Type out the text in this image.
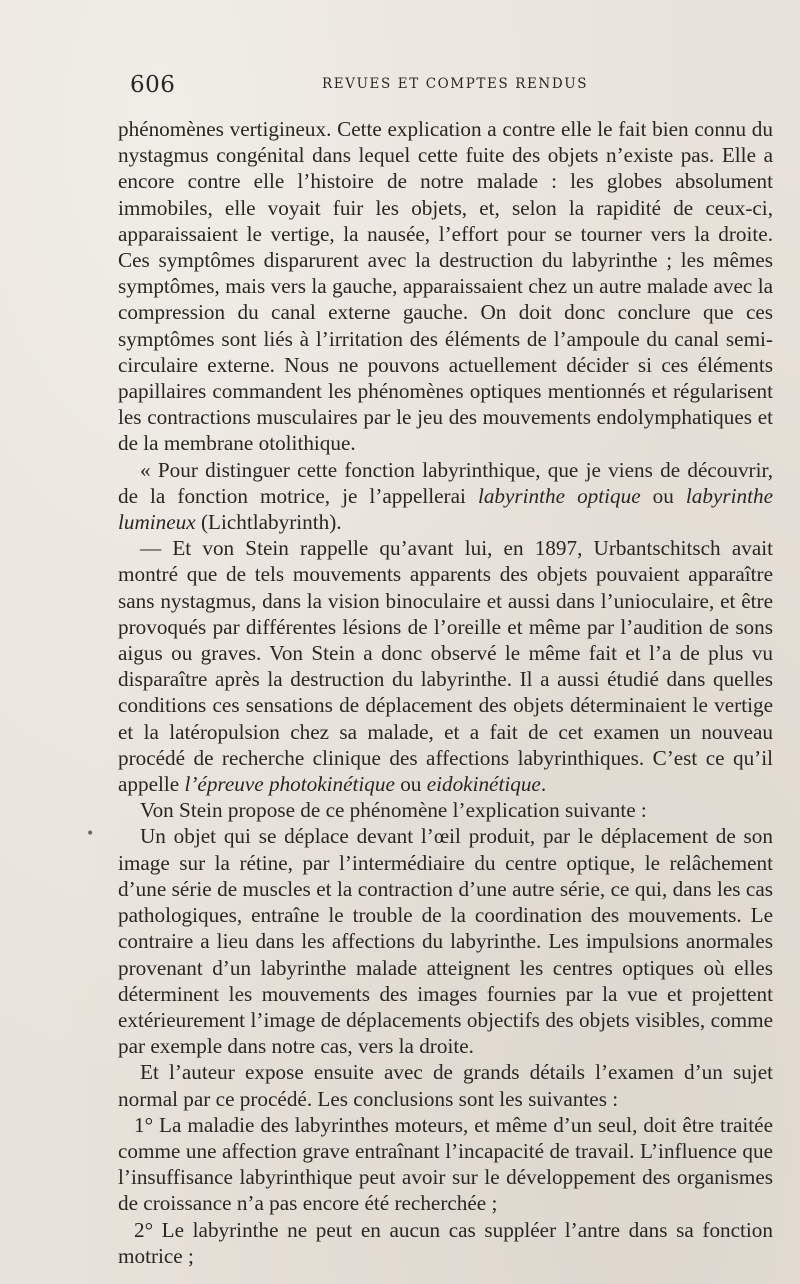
606	REVUES ET COMPTES RENDUS

phénomènes vertigineux. Cette explication a contre elle le fait bien connu du nystagmus congénital dans lequel cette fuite des objets n’existe pas. Elle a encore contre elle l’histoire de notre malade : les globes absolument immobiles, elle voyait fuir les objets, et, selon la rapidité de ceux-ci, apparaissaient le vertige, la nausée, l’effort pour se tourner vers la droite. Ces symptômes disparurent avec la destruction du labyrinthe ; les mêmes symptômes, mais vers la gauche, apparaissaient chez un autre malade avec la compression du canal externe gauche. On doit donc conclure que ces symptômes sont liés à l’irritation des éléments de l’ampoule du canal semi-circulaire externe. Nous ne pouvons actuellement décider si ces éléments papillaires commandent les phénomènes optiques mentionnés et régularisent les contractions musculaires par le jeu des mouvements endolymphatiques et de la membrane otolithique.

« Pour distinguer cette fonction labyrinthique, que je viens de découvrir, de la fonction motrice, je l’appellerai labyrinthe optique ou labyrinthe lumineux (Lichtlabyrinth).

— Et von Stein rappelle qu’avant lui, en 1897, Urbantschitsch avait montré que de tels mouvements apparents des objets pouvaient apparaître sans nystagmus, dans la vision binoculaire et aussi dans l’unioculaire, et être provoqués par différentes lésions de l’oreille et même par l’audition de sons aigus ou graves. Von Stein a donc observé le même fait et l’a de plus vu disparaître après la destruction du labyrinthe. Il a aussi étudié dans quelles conditions ces sensations de déplacement des objets déterminaient le vertige et la latéropulsion chez sa malade, et a fait de cet examen un nouveau procédé de recherche clinique des affections labyrinthiques. C’est ce qu’il appelle l’épreuve photokinétique ou eidokinétique.

Von Stein propose de ce phénomène l’explication suivante :

Un objet qui se déplace devant l’œil produit, par le déplacement de son image sur la rétine, par l’intermédiaire du centre optique, le relâchement d’une série de muscles et la contraction d’une autre série, ce qui, dans les cas pathologiques, entraîne le trouble de la coordination des mouvements. Le contraire a lieu dans les affections du labyrinthe. Les impulsions anormales provenant d’un labyrinthe malade atteignent les centres optiques où elles déterminent les mouvements des images fournies par la vue et projettent extérieurement l’image de déplacements objectifs des objets visibles, comme par exemple dans notre cas, vers la droite.

Et l’auteur expose ensuite avec de grands détails l’examen d’un sujet normal par ce procédé. Les conclusions sont les suivantes :

1° La maladie des labyrinthes moteurs, et même d’un seul, doit être traitée comme une affection grave entraînant l’incapacité de travail. L’influence que l’insuffisance labyrinthique peut avoir sur le développement des organismes de croissance n’a pas encore été recherchée ;

2° Le labyrinthe ne peut en aucun cas suppléer l’antre dans sa fonction motrice ;

•
